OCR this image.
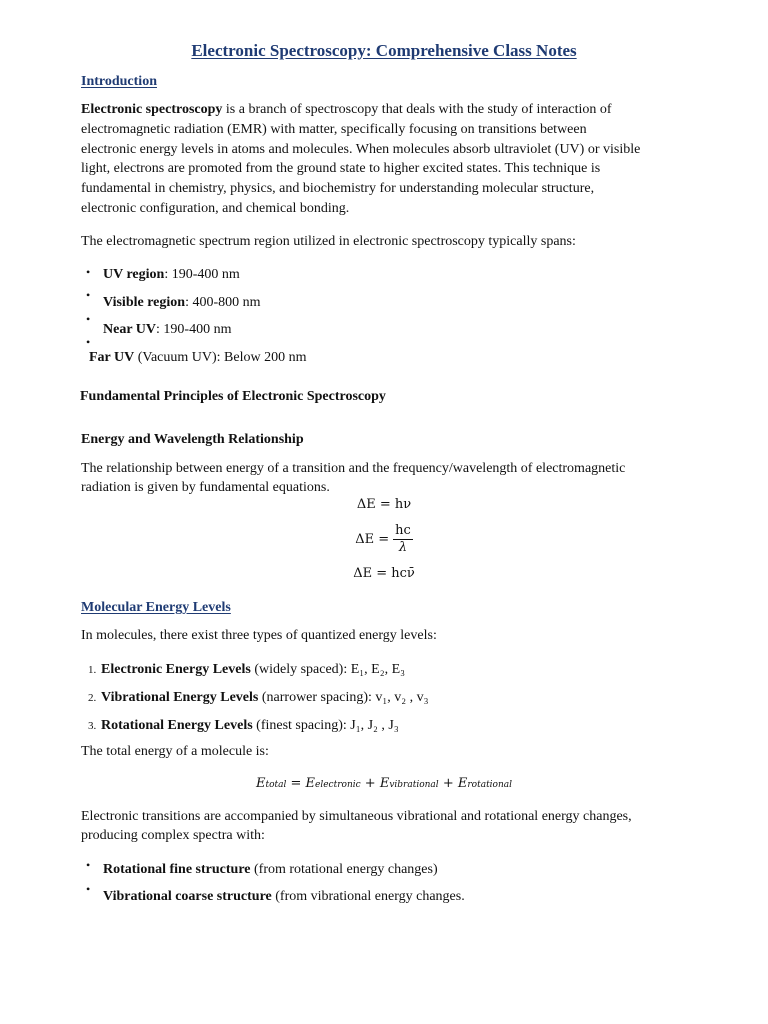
Electronic Spectroscopy: Comprehensive Class Notes
Introduction
Electronic spectroscopy is a branch of spectroscopy that deals with the study of interaction of
electromagnetic radiation (EMR) with matter, specifically focusing on transitions between
electronic energy levels in atoms and molecules. When molecules absorb ultraviolet (UV) or visible
light, electrons are promoted from the ground state to higher excited states. This technique is
fundamental in chemistry, physics, and biochemistry for understanding molecular structure,
electronic configuration, and chemical bonding.
The electromagnetic spectrum region utilized in electronic spectroscopy typically spans:
• UV region: 190-400 nm
• Visible region: 400-800 nm
•
Near UV: 190-400 nm
•
Far UV (Vacuum UV): Below 200 nm
Fundamental Principles of Electronic Spectroscopy
Energy and Wavelength Relationship
The relationship between energy of a transition and the frequency/wavelength of electromagnetic
radiation is given by fundamental equations.
ΔE = hν
$\Delta E = \frac{hc}{\lambda}$
ΔE = hcν̄
Molecular Energy Levels
In molecules, there exist three types of quantized energy levels:
1. Electronic Energy Levels (widely spaced): E₁, E₂, E₃
2. Vibrational Energy Levels (narrower spacing): v₁, v₂ , v₃
3. Rotational Energy Levels (finest spacing): J₁, J₂ , J₃
The total energy of a molecule is:
Etotal = Eelectronic + Evibrational + Erotational
Electronic transitions are accompanied by simultaneous vibrational and rotational energy changes,
producing complex spectra with:
• Rotational fine structure (from rotational energy changes)
• Vibrational coarse structure (from vibrational energy changes.
